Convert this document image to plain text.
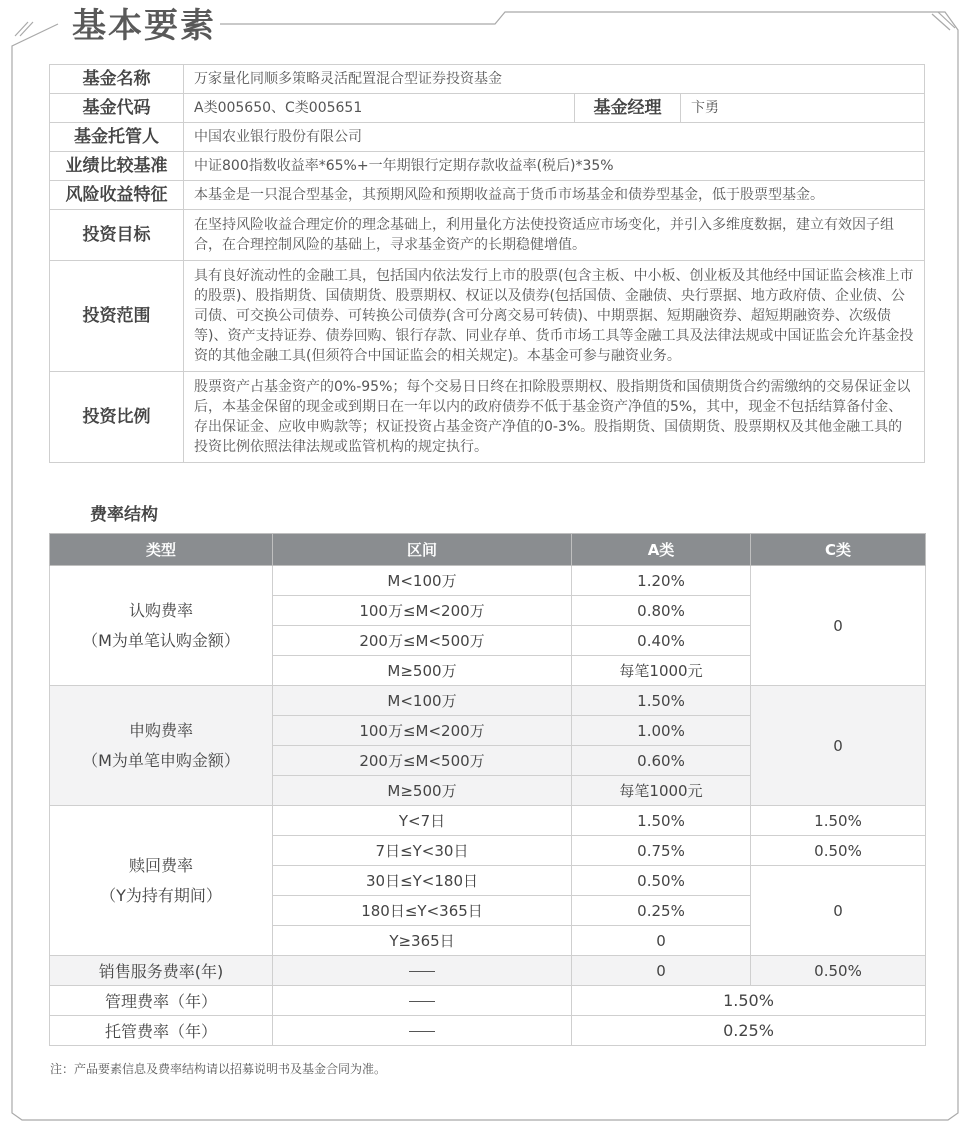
基本要素
基金名称	万家量化同顺多策略灵活配置混合型证券投资基金		
基金代码	A类005650、C类005651	基金经理	卞勇
基金托管人	中国农业银行股份有限公司		
业绩比较基准	中证800指数收益率*65%+一年期银行定期存款收益率(税后)*35%		
风险收益特征	本基金是一只混合型基金，其预期风险和预期收益高于货币市场基金和债券型基金，低于股票型基金。		
投资目标	在坚持风险收益合理定价的理念基础上，利用量化方法使投资适应市场变化，并引入多维度数据，建立有效因子组合，在合理控制风险的基础上，寻求基金资产的长期稳健增值。		
投资范围	具有良好流动性的金融工具，包括国内依法发行上市的股票(包含主板、中小板、创业板及其他经中国证监会核准上市的股票)、股指期货、国债期货、股票期权、权证以及债券(包括国债、金融债、央行票据、地方政府债、企业债、公司债、可交换公司债券、可转换公司债券(含可分离交易可转债)、中期票据、短期融资券、超短期融资券、次级债等)、资产支持证券、债券回购、银行存款、同业存单、货币市场工具等金融工具及法律法规或中国证监会允许基金投资的其他金融工具(但须符合中国证监会的相关规定)。本基金可参与融资业务。		
投资比例	股票资产占基金资产的0%-95%；每个交易日日终在扣除股票期权、股指期货和国债期货合约需缴纳的交易保证金以后，本基金保留的现金或到期日在一年以内的政府债券不低于基金资产净值的5%，其中，现金不包括结算备付金、存出保证金、应收申购款等；权证投资占基金资产净值的0-3%。股指期货、国债期货、股票期权及其他金融工具的投资比例依照法律法规或监管机构的规定执行。		
费率结构
类型	区间	A类	C类

认购费率
（M为单笔认购金额）	M<100万	1.20%	0
	100万≤M<200万	0.80%	
	200万≤M<500万	0.40%	
	M≥500万	每笔1000元	

申购费率
（M为单笔申购金额）	M<100万	1.50%	0
	100万≤M<200万	1.00%	
	200万≤M<500万	0.60%	
	M≥500万	每笔1000元	

赎回费率
（Y为持有期间）	Y<7日	1.50%	1.50%
	7日≤Y<30日	0.75%	0.50%
	30日≤Y<180日	0.50%	0
	180日≤Y<365日	0.25%	
	Y≥365日	0	
销售服务费率(年)		0	0.50%
管理费率（年）		1.50%	
托管费率（年）		0.25%	
注：产品要素信息及费率结构请以招募说明书及基金合同为准。
